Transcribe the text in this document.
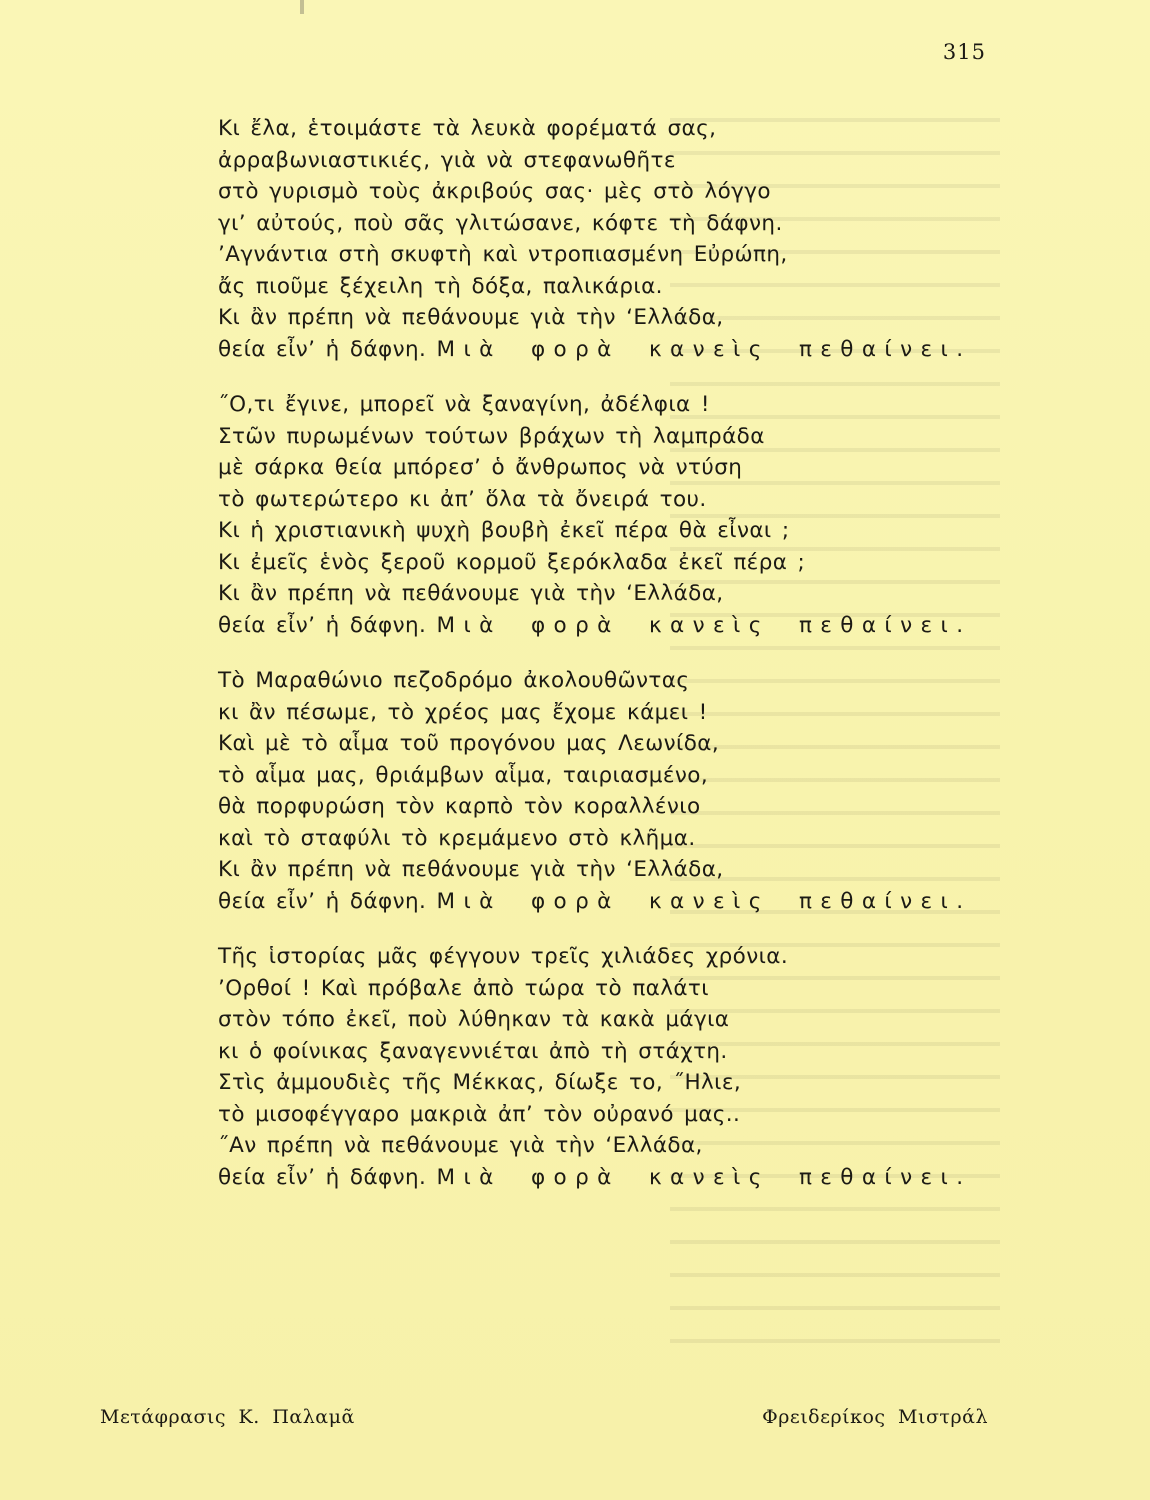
315
Κι ἔλα, ἑτοιμάστε τὰ λευκὰ φορέματά σας,
ἀρραβωνιαστικιές, γιὰ νὰ στεφανωθῆτε
στὸ γυρισμὸ τοὺς ἀκριβούς σας· μὲς στὸ λόγγο
γι’ αὐτούς, ποὺ σᾶς γλιτώσανε, κόφτε τὴ δάφνη.
’Αγνάντια στὴ σκυφτὴ καὶ ντροπιασμένη Εὐρώπη,
ἄς πιοῦμε ξέχειλη τὴ δόξα, παλικάρια.
Κι ἂν πρέπη νὰ πεθάνουμε γιὰ τὴν ‘Ελλάδα,
θεία εἶν’ ἡ δάφνη. Μιὰ φορὰ κανεὶς πεθαίνει.
˝Ο,τι ἔγινε, μπορεῖ νὰ ξαναγίνη, ἀδέλφια !
Στῶν πυρωμένων τούτων βράχων τὴ λαμπράδα
μὲ σάρκα θεία μπόρεσ’ ὁ ἄνθρωπος νὰ ντύση
τὸ φωτερώτερο κι ἀπ’ ὅλα τὰ ὄνειρά του.
Κι ἡ χριστιανικὴ ψυχὴ βουβὴ ἐκεῖ πέρα θὰ εἶναι ;
Κι ἐμεῖς ἑνὸς ξεροῦ κορμοῦ ξερόκλαδα ἐκεῖ πέρα ;
Κι ἂν πρέπη νὰ πεθάνουμε γιὰ τὴν ‘Ελλάδα,
θεία εἶν’ ἡ δάφνη. Μιὰ φορὰ κανεὶς πεθαίνει.
Τὸ Μαραθώνιο πεζοδρόμο ἀκολουθῶντας
κι ἂν πέσωμε, τὸ χρέος μας ἔχομε κάμει !
Καὶ μὲ τὸ αἷμα τοῦ προγόνου μας Λεωνίδα,
τὸ αἷμα μας, θριάμβων αἷμα, ταιριασμένο,
θὰ πορφυρώση τὸν καρπὸ τὸν κοραλλένιο
καὶ τὸ σταφύλι τὸ κρεμάμενο στὸ κλῆμα.
Κι ἂν πρέπη νὰ πεθάνουμε γιὰ τὴν ‘Ελλάδα,
θεία εἶν’ ἡ δάφνη. Μιὰ φορὰ κανεὶς πεθαίνει.
Τῆς ἱστορίας μᾶς φέγγουν τρεῖς χιλιάδες χρόνια.
’Ορθοί ! Καὶ πρόβαλε ἀπὸ τώρα τὸ παλάτι
στὸν τόπο ἐκεῖ, ποὺ λύθηκαν τὰ κακὰ μάγια
κι ὁ φοίνικας ξαναγεννιέται ἀπὸ τὴ στάχτη.
Στὶς ἀμμουδιὲς τῆς Μέκκας, δίωξε το, ˝Ηλιε,
τὸ μισοφέγγαρο μακριὰ ἀπ’ τὸν οὐρανό μας..
˝Αν πρέπη νὰ πεθάνουμε γιὰ τὴν ‘Ελλάδα,
θεία εἶν’ ἡ δάφνη. Μιὰ φορὰ κανεὶς πεθαίνει.
Μετάφρασις Κ. Παλαμᾶ	Φρειδερίκος Μιστράλ
